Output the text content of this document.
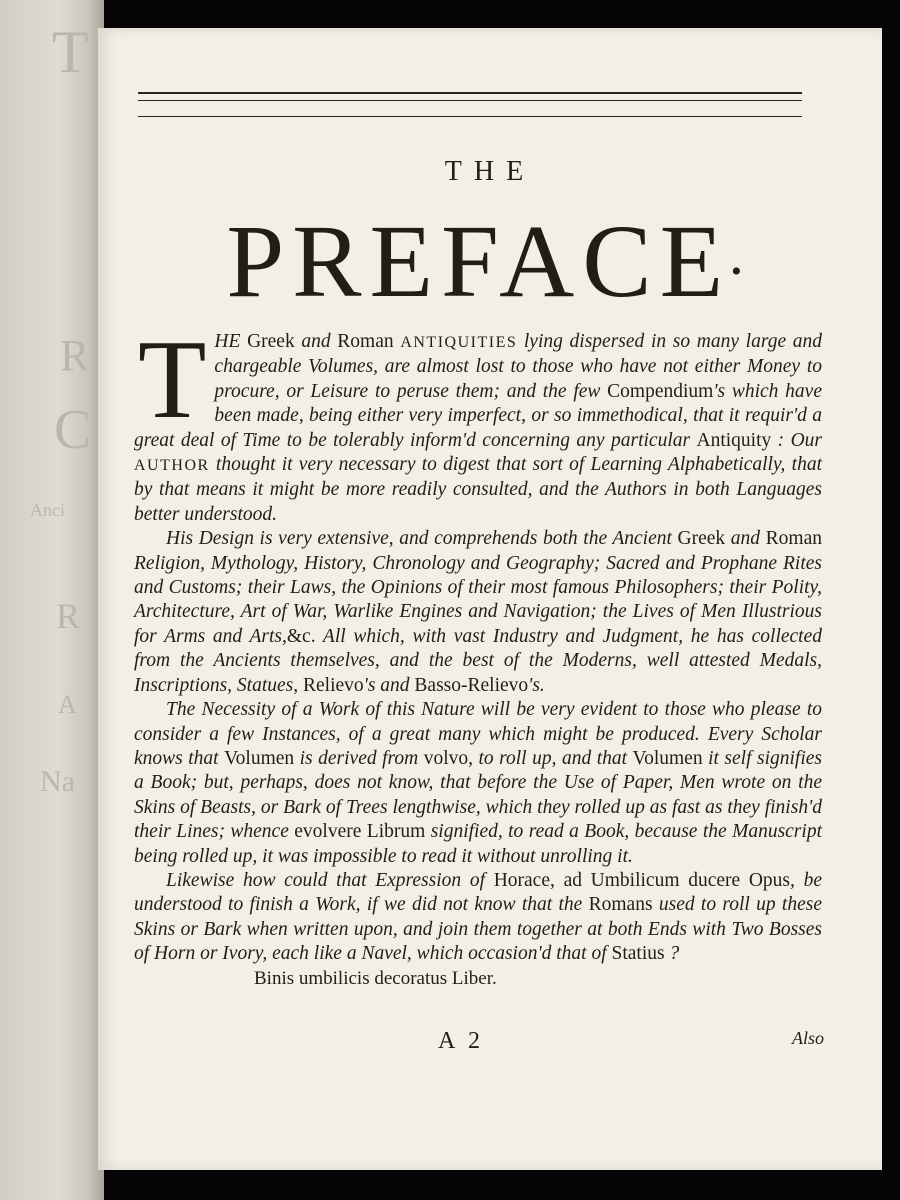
T
R
C
Anci
R
A
Na
THE
PREFACE•

THE Greek and Roman ANTIQUITIES lying dispersed in so many large and chargeable Volumes, are almost lost to those who have not either Money to procure, or Leisure to peruse them; and the few Compendium's which have been made, being either very imperfect, or so immethodical, that it requir'd a great deal of Time to be tolerably inform'd concerning any particular Antiquity : Our AUTHOR thought it very necessary to digest that sort of Learning Alphabetically, that by that means it might be more readily consulted, and the Authors in both Languages better understood.

His Design is very extensive, and comprehends both the Ancient Greek and Roman Religion, Mythology, History, Chronology and Geography; Sacred and Prophane Rites and Customs; their Laws, the Opinions of their most famous Philosophers; their Polity, Architecture, Art of War, Warlike Engines and Navigation; the Lives of Men Illustrious for Arms and Arts,&c. All which, with vast Industry and Judgment, he has collected from the Ancients themselves, and the best of the Moderns, well attested Medals, Inscriptions, Statues, Relievo's and Basso-Relievo's.

The Necessity of a Work of this Nature will be very evident to those who please to consider a few Instances, of a great many which might be produced. Every Scholar knows that Volumen is derived from volvo, to roll up, and that Volumen it self signifies a Book; but, perhaps, does not know, that before the Use of Paper, Men wrote on the Skins of Beasts, or Bark of Trees lengthwise, which they rolled up as fast as they finish'd their Lines; whence evolvere Librum signified, to read a Book, because the Manuscript being rolled up, it was impossible to read it without unrolling it.

Likewise how could that Expression of Horace, ad Umbilicum ducere Opus, be understood to finish a Work, if we did not know that the Romans used to roll up these Skins or Bark when written upon, and join them together at both Ends with Two Bosses of Horn or Ivory, each like a Navel, which occasion'd that of Statius ?

Binis umbilicis decoratus Liber.

A 2	Also
